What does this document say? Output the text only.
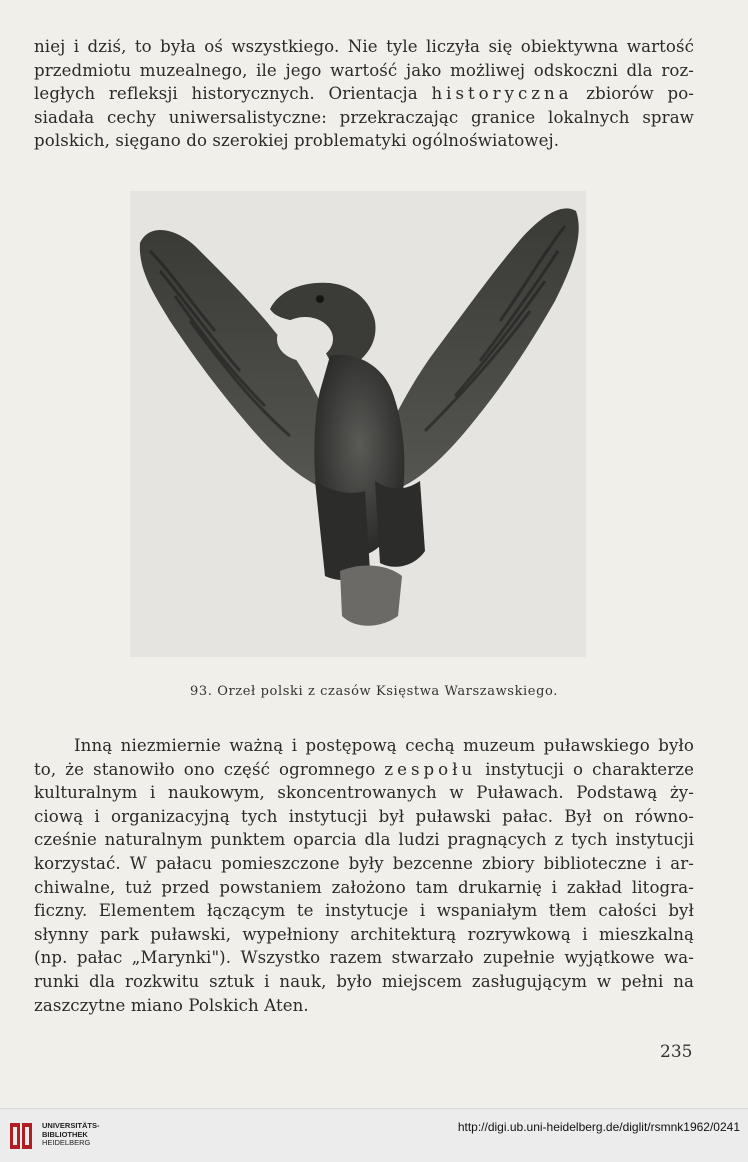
niej i dziś, to była oś wszystkiego. Nie tyle liczyła się obiektywna wartość
przedmiotu muzealnego, ile jego wartość jako możliwej odskoczni dla roz-
ległych refleksji historycznych. Orientacja historyczna zbiorów po-
siadała cechy uniwersalistyczne: przekraczając granice lokalnych spraw
polskich, sięgano do szerokiej problematyki ogólnoświatowej.
93. Orzeł polski z czasów Księstwa Warszawskiego.
Inną niezmiernie ważną i postępową cechą muzeum puławskiego było
to, że stanowiło ono część ogromnego zespołu instytucji o charakterze
kulturalnym i naukowym, skoncentrowanych w Puławach. Podstawą ży-
ciową i organizacyjną tych instytucji był puławski pałac. Był on równo-
cześnie naturalnym punktem oparcia dla ludzi pragnących z tych instytucji
korzystać. W pałacu pomieszczone były bezcenne zbiory biblioteczne i ar-
chiwalne, tuż przed powstaniem założono tam drukarnię i zakład litogra-
ficzny. Elementem łączącym te instytucje i wspaniałym tłem całości był
słynny park puławski, wypełniony architekturą rozrywkową i mieszkalną
(np. pałac „Marynki"). Wszystko razem stwarzało zupełnie wyjątkowe wa-
runki dla rozkwitu sztuk i nauk, było miejscem zasługującym w pełni na
zaszczytne miano Polskich Aten.
235
UNIVERSITÄTS-
BIBLIOTHEK
HEIDELBERG
http://digi.ub.uni-heidelberg.de/diglit/rsmnk1962/0241
